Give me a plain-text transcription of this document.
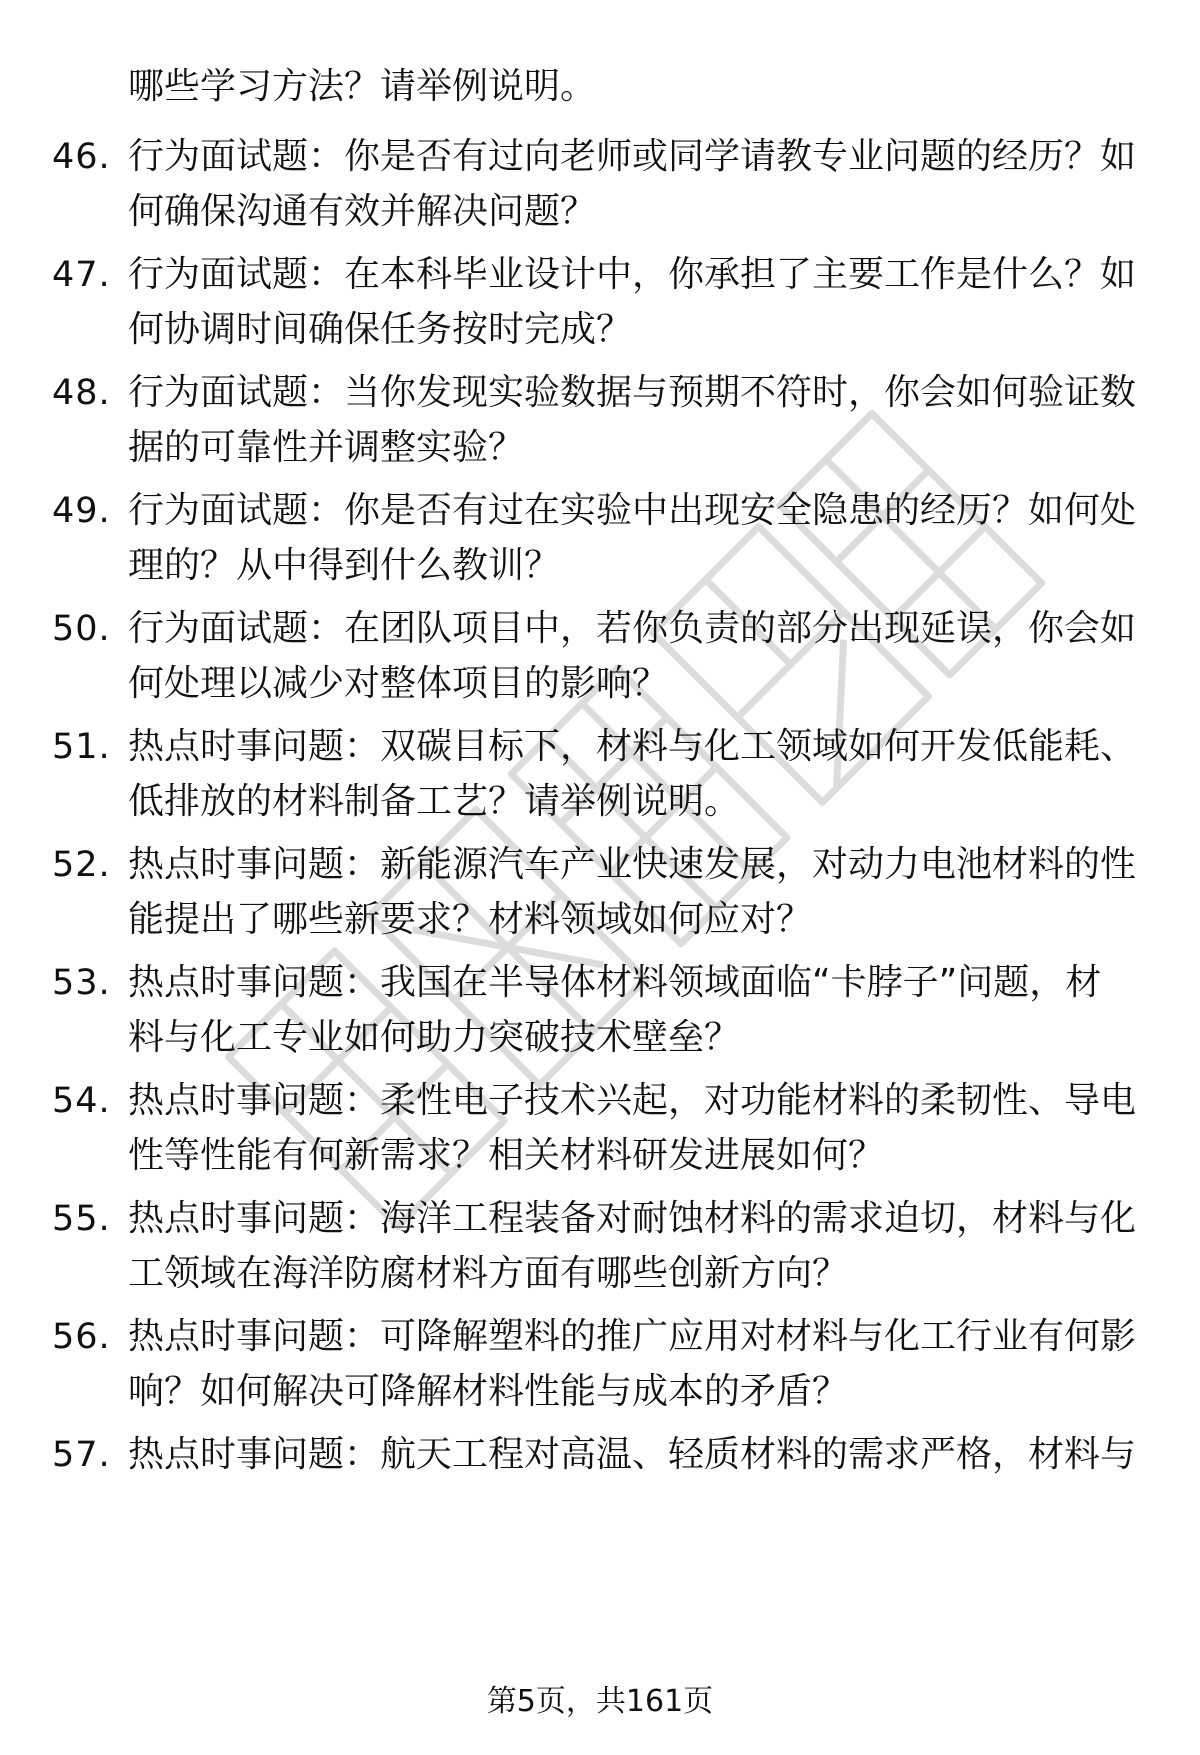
哪些学习方法？请举例说明。
46. 行为面试题：你是否有过向老师或同学请教专业问题的经历？如
何确保沟通有效并解决问题？
47. 行为面试题：在本科毕业设计中，你承担了主要工作是什么？如
何协调时间确保任务按时完成？
48. 行为面试题：当你发现实验数据与预期不符时，你会如何验证数
据的可靠性并调整实验？
49. 行为面试题：你是否有过在实验中出现安全隐患的经历？如何处
理的？从中得到什么教训？
50. 行为面试题：在团队项目中，若你负责的部分出现延误，你会如
何处理以减少对整体项目的影响？
51. 热点时事问题：双碳目标下，材料与化工领域如何开发低能耗、
低排放的材料制备工艺？请举例说明。
52. 热点时事问题：新能源汽车产业快速发展，对动力电池材料的性
能提出了哪些新要求？材料领域如何应对？
53. 热点时事问题：我国在半导体材料领域面临“卡脖子”问题，材
料与化工专业如何助力突破技术壁垒？
54. 热点时事问题：柔性电子技术兴起，对功能材料的柔韧性、导电
性等性能有何新需求？相关材料研发进展如何？
55. 热点时事问题：海洋工程装备对耐蚀材料的需求迫切，材料与化
工领域在海洋防腐材料方面有哪些创新方向？
56. 热点时事问题：可降解塑料的推广应用对材料与化工行业有何影
响？如何解决可降解材料性能与成本的矛盾？
57. 热点时事问题：航天工程对高温、轻质材料的需求严格，材料与
第5页，共161页
